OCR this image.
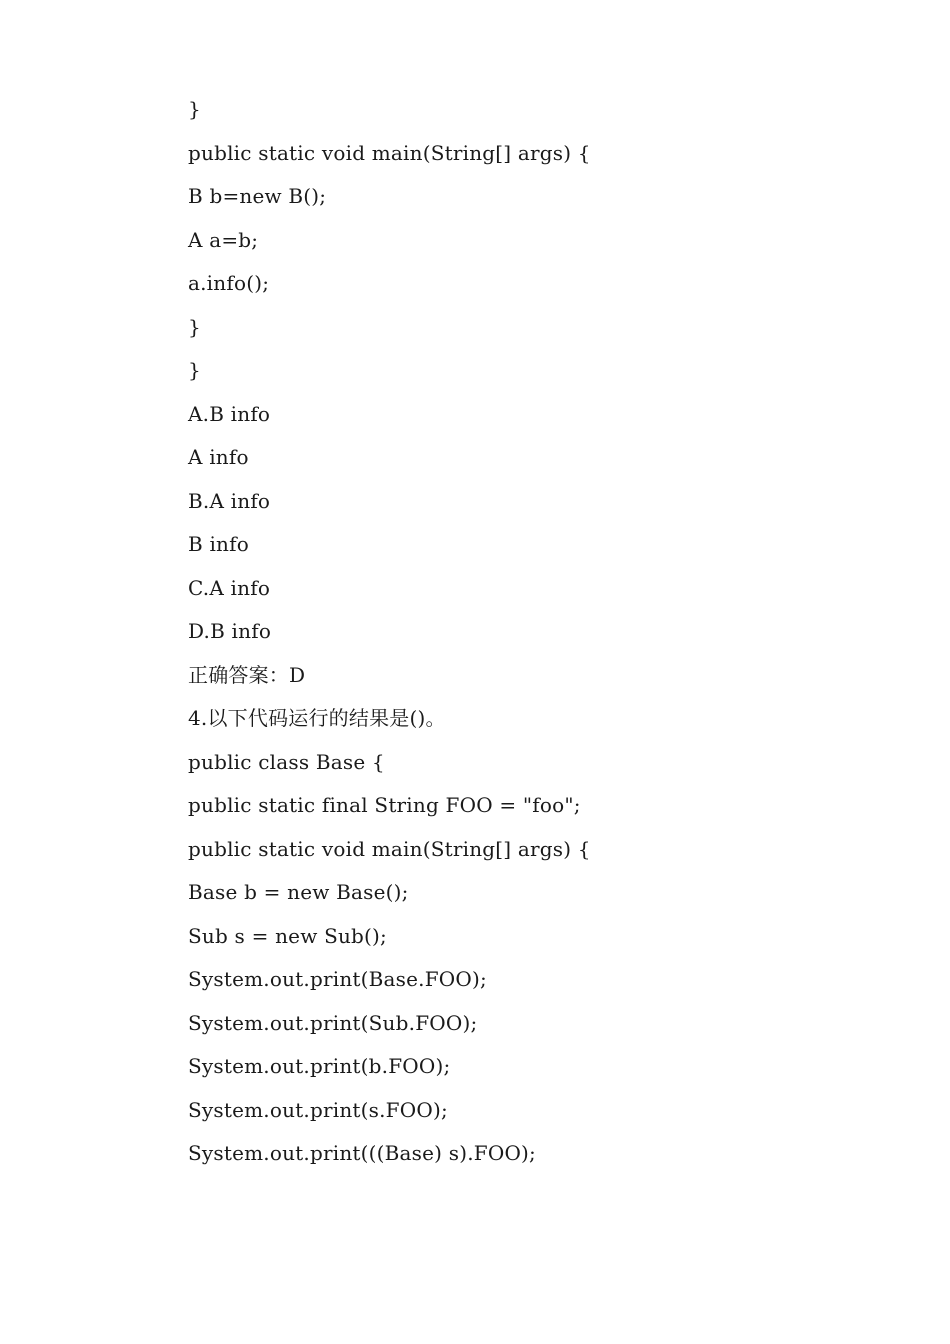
}
public static void main(String[] args) {
B b=new B();
A a=b;
a.info();
}
}
A.B info
A info
B.A info
B info
C.A info
D.B info
正确答案：D
4.以下代码运行的结果是()。
public class Base {
public static final String FOO = "foo";
public static void main(String[] args) {
Base b = new Base();
Sub s = new Sub();
System.out.print(Base.FOO);
System.out.print(Sub.FOO);
System.out.print(b.FOO);
System.out.print(s.FOO);
System.out.print(((Base) s).FOO);
